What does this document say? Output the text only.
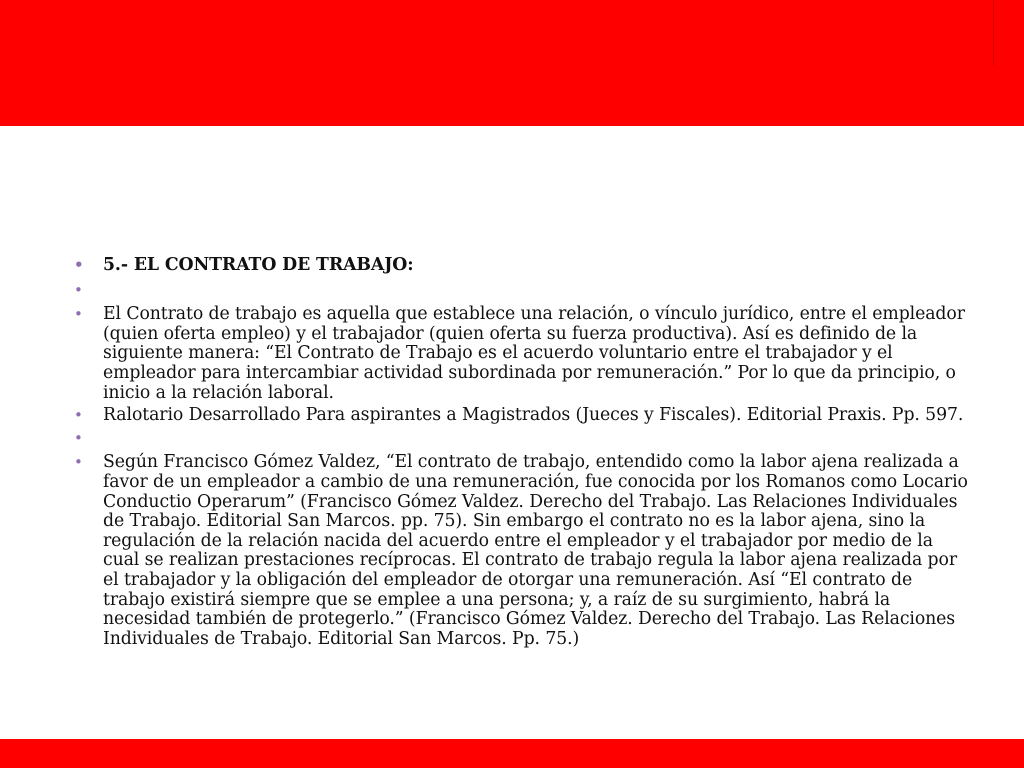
• 5.- EL CONTRATO DE TRABAJO:
•
• El Contrato de trabajo es aquella que establece una relación, o vínculo jurídico, entre el empleador (quien oferta empleo) y el trabajador (quien oferta su fuerza productiva). Así es definido de la siguiente manera: “El Contrato de Trabajo es el acuerdo voluntario entre el trabajador y el empleador para intercambiar actividad subordinada por remuneración.” Por lo que da principio, o inicio a la relación laboral.
• Ralotario Desarrollado Para aspirantes a Magistrados (Jueces y Fiscales). Editorial Praxis. Pp. 597.
•
• Según Francisco Gómez Valdez, “El contrato de trabajo, entendido como la labor ajena realizada a favor de un empleador a cambio de una remuneración, fue conocida por los Romanos como Locario Conductio Operarum” (Francisco Gómez Valdez. Derecho del Trabajo. Las Relaciones Individuales de Trabajo. Editorial San Marcos. pp. 75). Sin embargo el contrato no es la labor ajena, sino la regulación de la relación nacida del acuerdo entre el empleador y el trabajador por medio de la cual se realizan prestaciones recíprocas. El contrato de trabajo regula la labor ajena realizada por el trabajador y la obligación del empleador de otorgar una remuneración. Así “El contrato de trabajo existirá siempre que se emplee a una persona; y, a raíz de su surgimiento, habrá la necesidad también de protegerlo.” (Francisco Gómez Valdez. Derecho del Trabajo. Las Relaciones Individuales de Trabajo. Editorial San Marcos. Pp. 75.)
